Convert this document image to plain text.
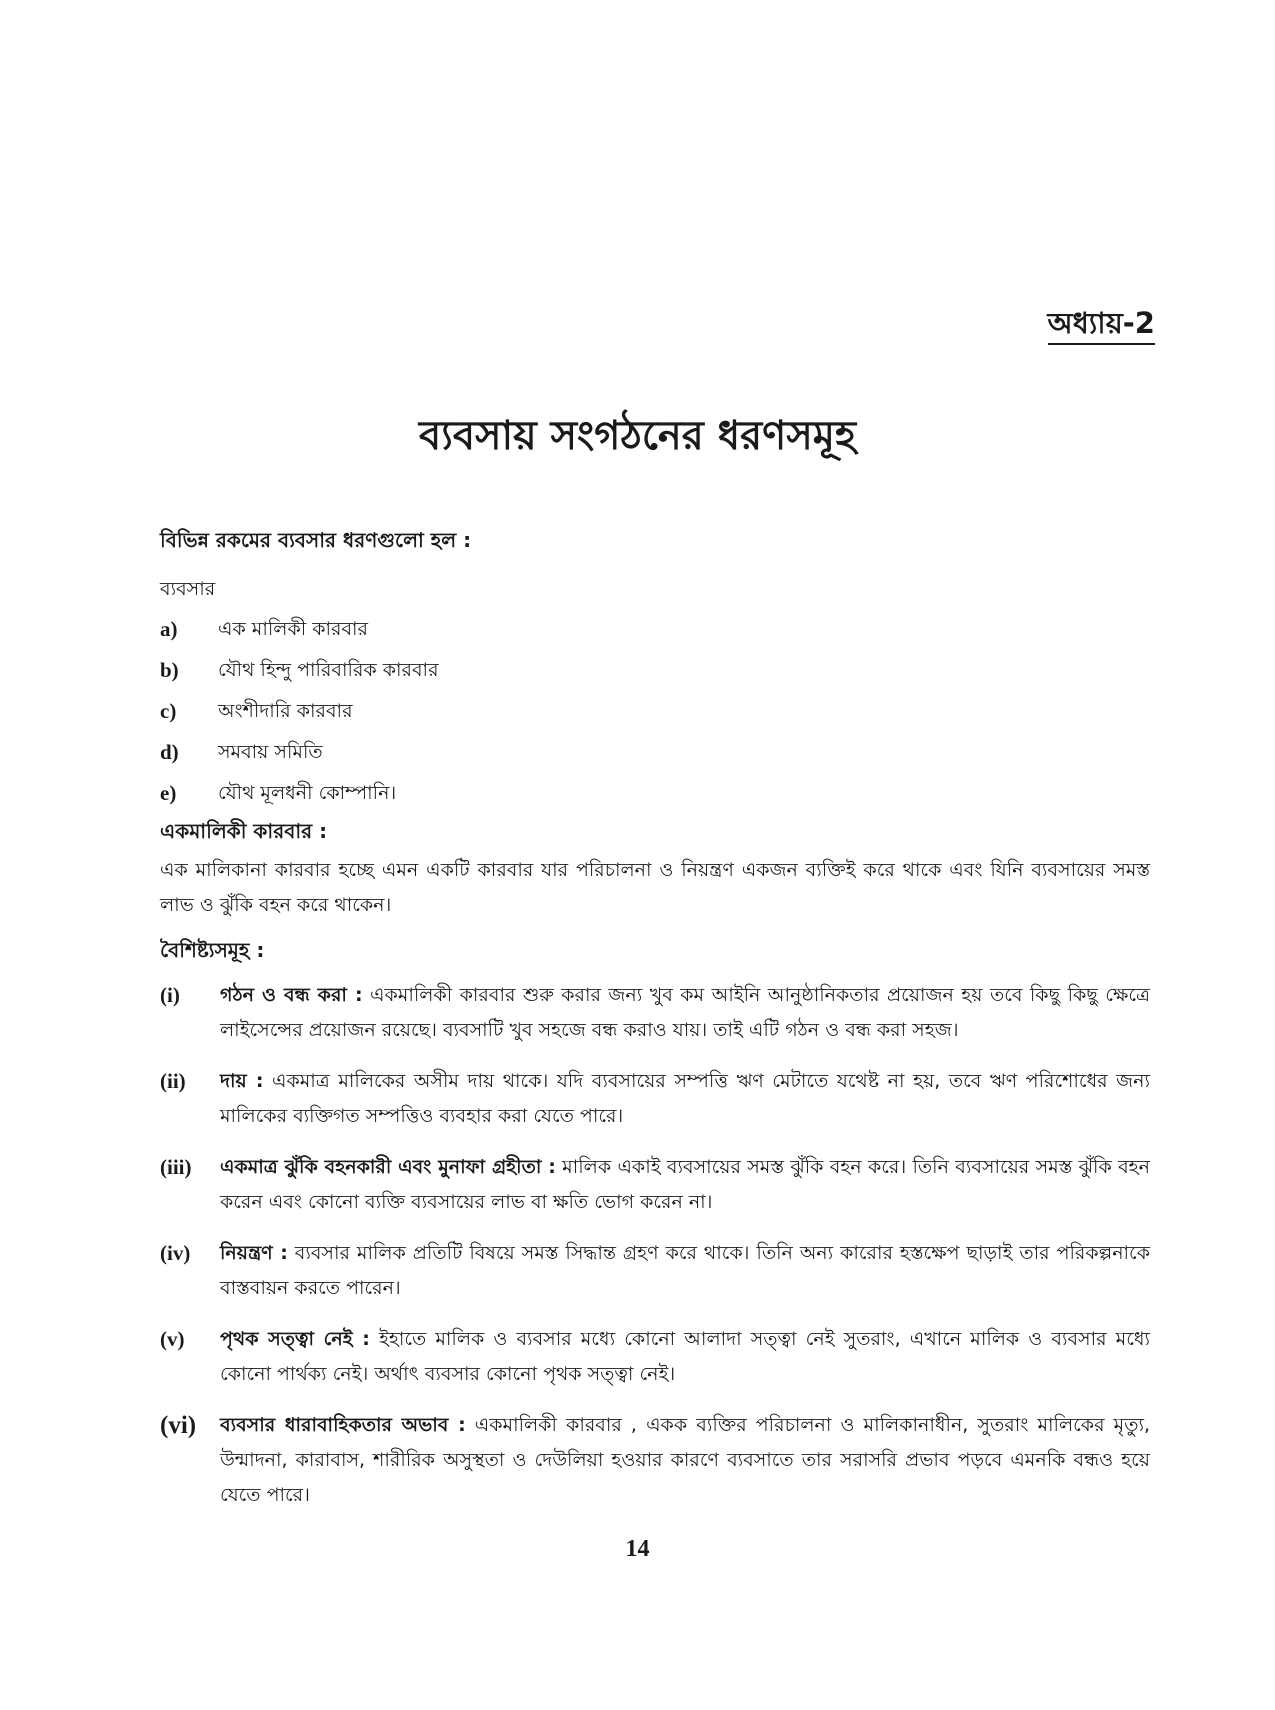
অধ্যায়-2
ব্যবসায় সংগঠনের ধরণসমূহ
বিভিন্ন রকমের ব্যবসার ধরণগুলো হল :
ব্যবসার
a)	এক মালিকী কারবার
b)	যৌথ হিন্দু পারিবারিক কারবার
c)	অংশীদারি কারবার
d)	সমবায় সমিতি
e)	যৌথ মূলধনী কোম্পানি।
একমালিকী কারবার :
এক মালিকানা কারবার হচ্ছে এমন একটি কারবার যার পরিচালনা ও নিয়ন্ত্রণ একজন ব্যক্তিই করে থাকে এবং যিনি ব্যবসায়ের সমস্ত লাভ ও ঝুঁকি বহন করে থাকেন।
বৈশিষ্ট্যসমূহ :
(i)	গঠন ও বন্ধ করা : একমালিকী কারবার শুরু করার জন্য খুব কম আইনি আনুষ্ঠানিকতার প্রয়োজন হয় তবে কিছু কিছু ক্ষেত্রে লাইসেন্সের প্রয়োজন রয়েছে। ব্যবসাটি খুব সহজে বন্ধ করাও যায়। তাই এটি গঠন ও বন্ধ করা সহজ।
(ii)	দায় : একমাত্র মালিকের অসীম দায় থাকে। যদি ব্যবসায়ের সম্পত্তি ঋণ মেটাতে যথেষ্ট না হয়, তবে ঋণ পরিশোধের জন্য মালিকের ব্যক্তিগত সম্পত্তিও ব্যবহার করা যেতে পারে।
(iii)	একমাত্র ঝুঁকি বহনকারী এবং মুনাফা গ্রহীতা : মালিক একাই ব্যবসায়ের সমস্ত ঝুঁকি বহন করে। তিনি ব্যবসায়ের সমস্ত ঝুঁকি বহন করেন এবং কোনো ব্যক্তি ব্যবসায়ের লাভ বা ক্ষতি ভোগ করেন না।
(iv)	নিয়ন্ত্রণ : ব্যবসার মালিক প্রতিটি বিষয়ে সমস্ত সিদ্ধান্ত গ্রহণ করে থাকে। তিনি অন্য কারোর হস্তক্ষেপ ছাড়াই তার পরিকল্পনাকে বাস্তবায়ন করতে পারেন।
(v)	পৃথক সত্ত্বা নেই : ইহাতে মালিক ও ব্যবসার মধ্যে কোনো আলাদা সত্ত্বা নেই সুতরাং, এখানে মালিক ও ব্যবসার মধ্যে কোনো পার্থক্য নেই। অর্থাৎ ব্যবসার কোনো পৃথক সত্ত্বা নেই।
(vi)	ব্যবসার ধারাবাহিকতার অভাব : একমালিকী কারবার , একক ব্যক্তির পরিচালনা ও মালিকানাধীন, সুতরাং মালিকের মৃত্যু, উন্মাদনা, কারাবাস, শারীরিক অসুস্থতা ও দেউলিয়া হওয়ার কারণে ব্যবসাতে তার সরাসরি প্রভাব পড়বে এমনকি বন্ধও হয়ে যেতে পারে।
14
